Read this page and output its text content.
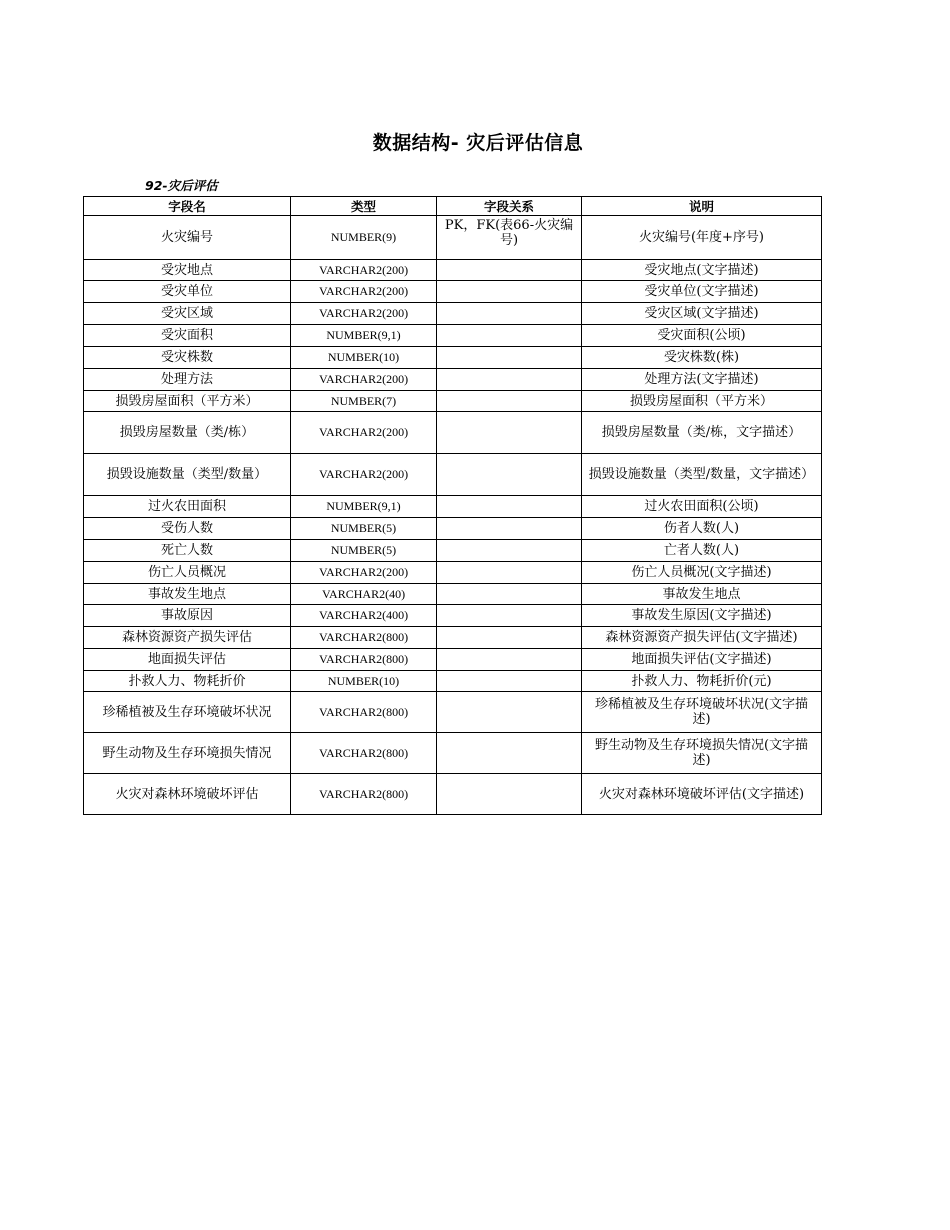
数据结构- 灾后评估信息
92-灾后评估
字段名	类型	字段关系	说明
火灾编号	NUMBER(9)	PK，FK(表66-火灾编号)	火灾编号(年度+序号)
受灾地点	VARCHAR2(200)		受灾地点(文字描述)
受灾单位	VARCHAR2(200)		受灾单位(文字描述)
受灾区域	VARCHAR2(200)		受灾区域(文字描述)
受灾面积	NUMBER(9,1)		受灾面积(公顷)
受灾株数	NUMBER(10)		受灾株数(株)
处理方法	VARCHAR2(200)		处理方法(文字描述)
损毁房屋面积（平方米）	NUMBER(7)		损毁房屋面积（平方米）
损毁房屋数量（类/栋）	VARCHAR2(200)		损毁房屋数量（类/栋，文字描述）
损毁设施数量（类型/数量）	VARCHAR2(200)		损毁设施数量（类型/数量，文字描述）
过火农田面积	NUMBER(9,1)		过火农田面积(公顷)
受伤人数	NUMBER(5)		伤者人数(人)
死亡人数	NUMBER(5)		亡者人数(人)
伤亡人员概况	VARCHAR2(200)		伤亡人员概况(文字描述)
事故发生地点	VARCHAR2(40)		事故发生地点
事故原因	VARCHAR2(400)		事故发生原因(文字描述)
森林资源资产损失评估	VARCHAR2(800)		森林资源资产损失评估(文字描述)
地面损失评估	VARCHAR2(800)		地面损失评估(文字描述)
扑救人力、物耗折价	NUMBER(10)		扑救人力、物耗折价(元)
珍稀植被及生存环境破坏状况	VARCHAR2(800)		珍稀植被及生存环境破坏状况(文字描述)
野生动物及生存环境损失情况	VARCHAR2(800)		野生动物及生存环境损失情况(文字描述)
火灾对森林环境破坏评估	VARCHAR2(800)		火灾对森林环境破坏评估(文字描述)
